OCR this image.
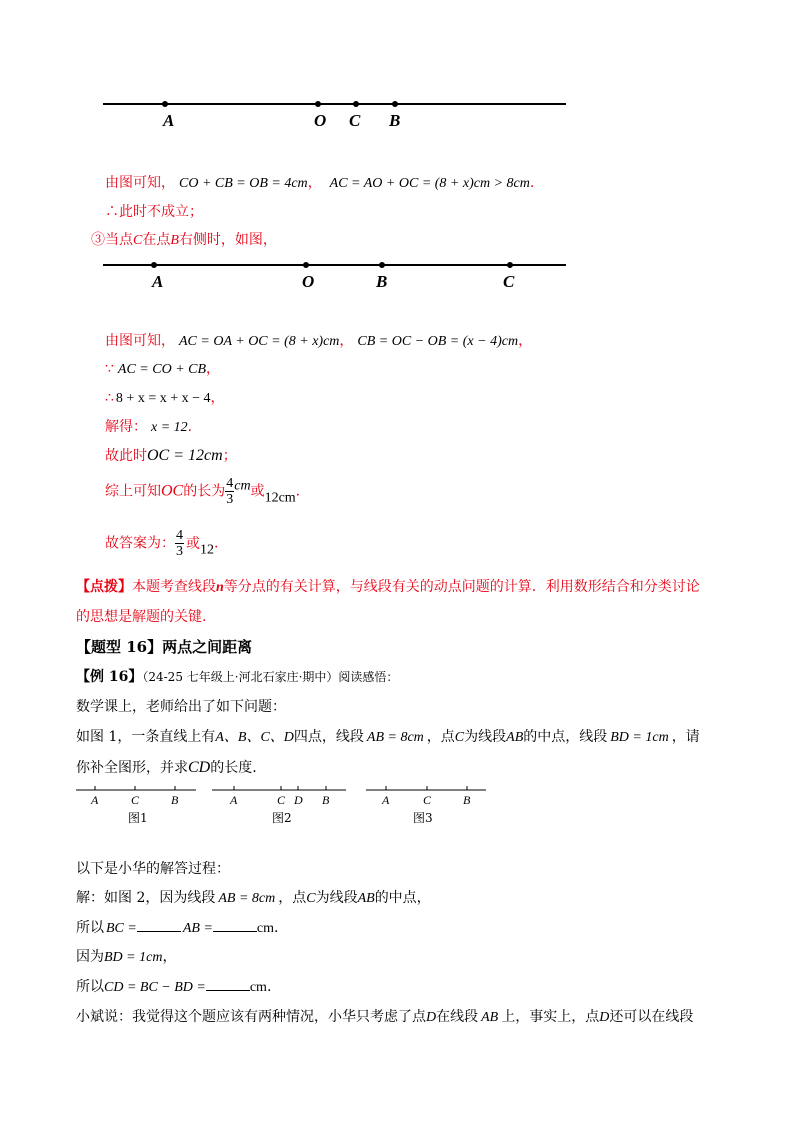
A	O C B
由图可知， CO + CB = OB = 4cm， AC = AO + OC = (8 + x)cm > 8cm.
∴此时不成立；
③当点C在点B右侧时，如图，
A	O	B	C
由图可知， AC = OA + OC = (8 + x)cm， CB = OC − OB = (x − 4)cm，
∵ AC = CO + CB，
∴ 8 + x = x + x − 4，
解得： x = 12.
故此时OC = 12cm；
综上可知OC的长为 $\frac{4}{3}$ cm或12cm.
故答案为： $\frac{4}{3}$ 或12.
【点拨】本题考查线段n等分点的有关计算，与线段有关的动点问题的计算．利用数形结合和分类讨论
的思想是解题的关键.
【题型 16】两点之间距离
【例 16】（24-25 七年级上·河北石家庄·期中）阅读感悟：
数学课上，老师给出了如下问题：
如图 1，一条直线上有A、B、C、D四点，线段 AB = 8cm ，点C为线段AB的中点，线段 BD = 1cm ，请
你补全图形，并求CD的长度.
A	C	B
图1
A	C D B
图2
A	C	B
图3
以下是小华的解答过程：
解：如图 2，因为线段 AB = 8cm ，点C为线段AB的中点，
所以 BC =	AB =	cm.
因为BD = 1cm，
所以CD = BC − BD =	cm.
小斌说：我觉得这个题应该有两种情况，小华只考虑了点D在线段 AB 上，事实上，点D还可以在线段
